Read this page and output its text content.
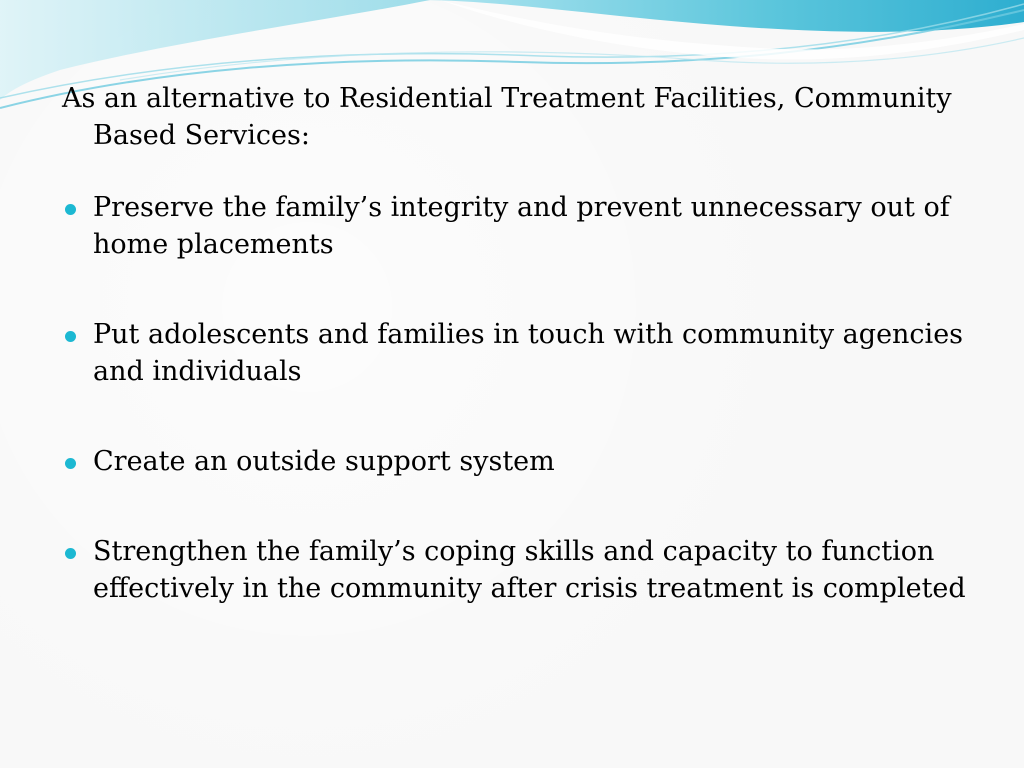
As an alternative to Residential Treatment Facilities, Community Based Services:

Preserve the family’s integrity and prevent unnecessary out of home placements
Put adolescents and families in touch with community agencies and individuals
Create an outside support system
Strengthen the family’s coping skills and capacity to function effectively in the community after crisis treatment is completed
